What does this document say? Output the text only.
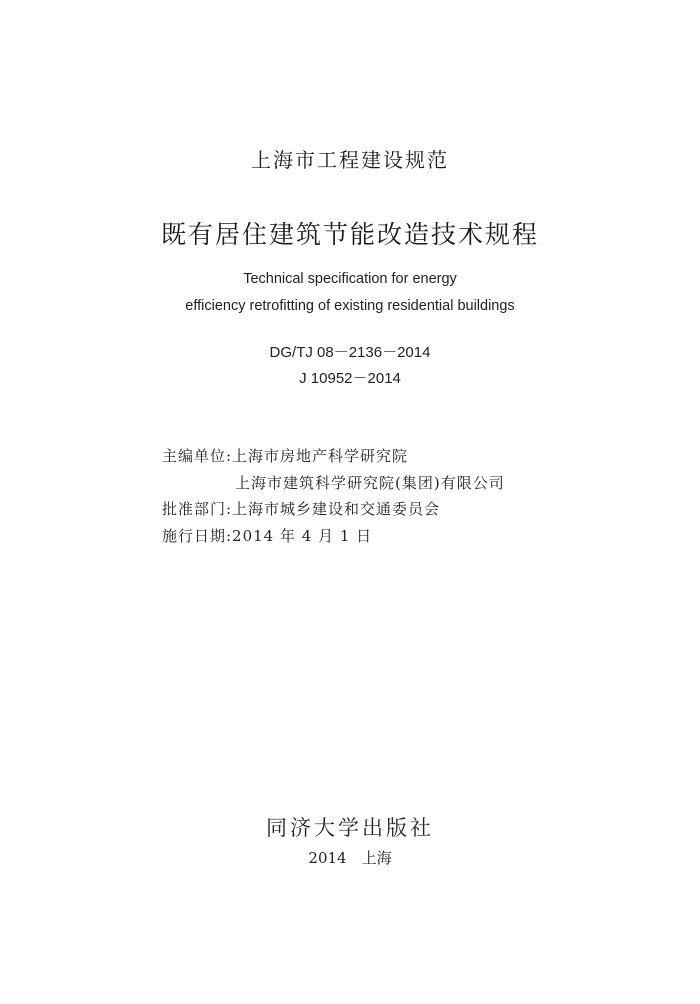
上海市工程建设规范
既有居住建筑节能改造技术规程
Technical specification for energy
efficiency retrofitting of existing residential buildings
DG/TJ 08－2136－2014
J 10952－2014
主编单位:上海市房地产科学研究院
上海市建筑科学研究院(集团)有限公司
批准部门:上海市城乡建设和交通委员会
施行日期:2014 年 4 月 1 日
同济大学出版社
2014　上海
